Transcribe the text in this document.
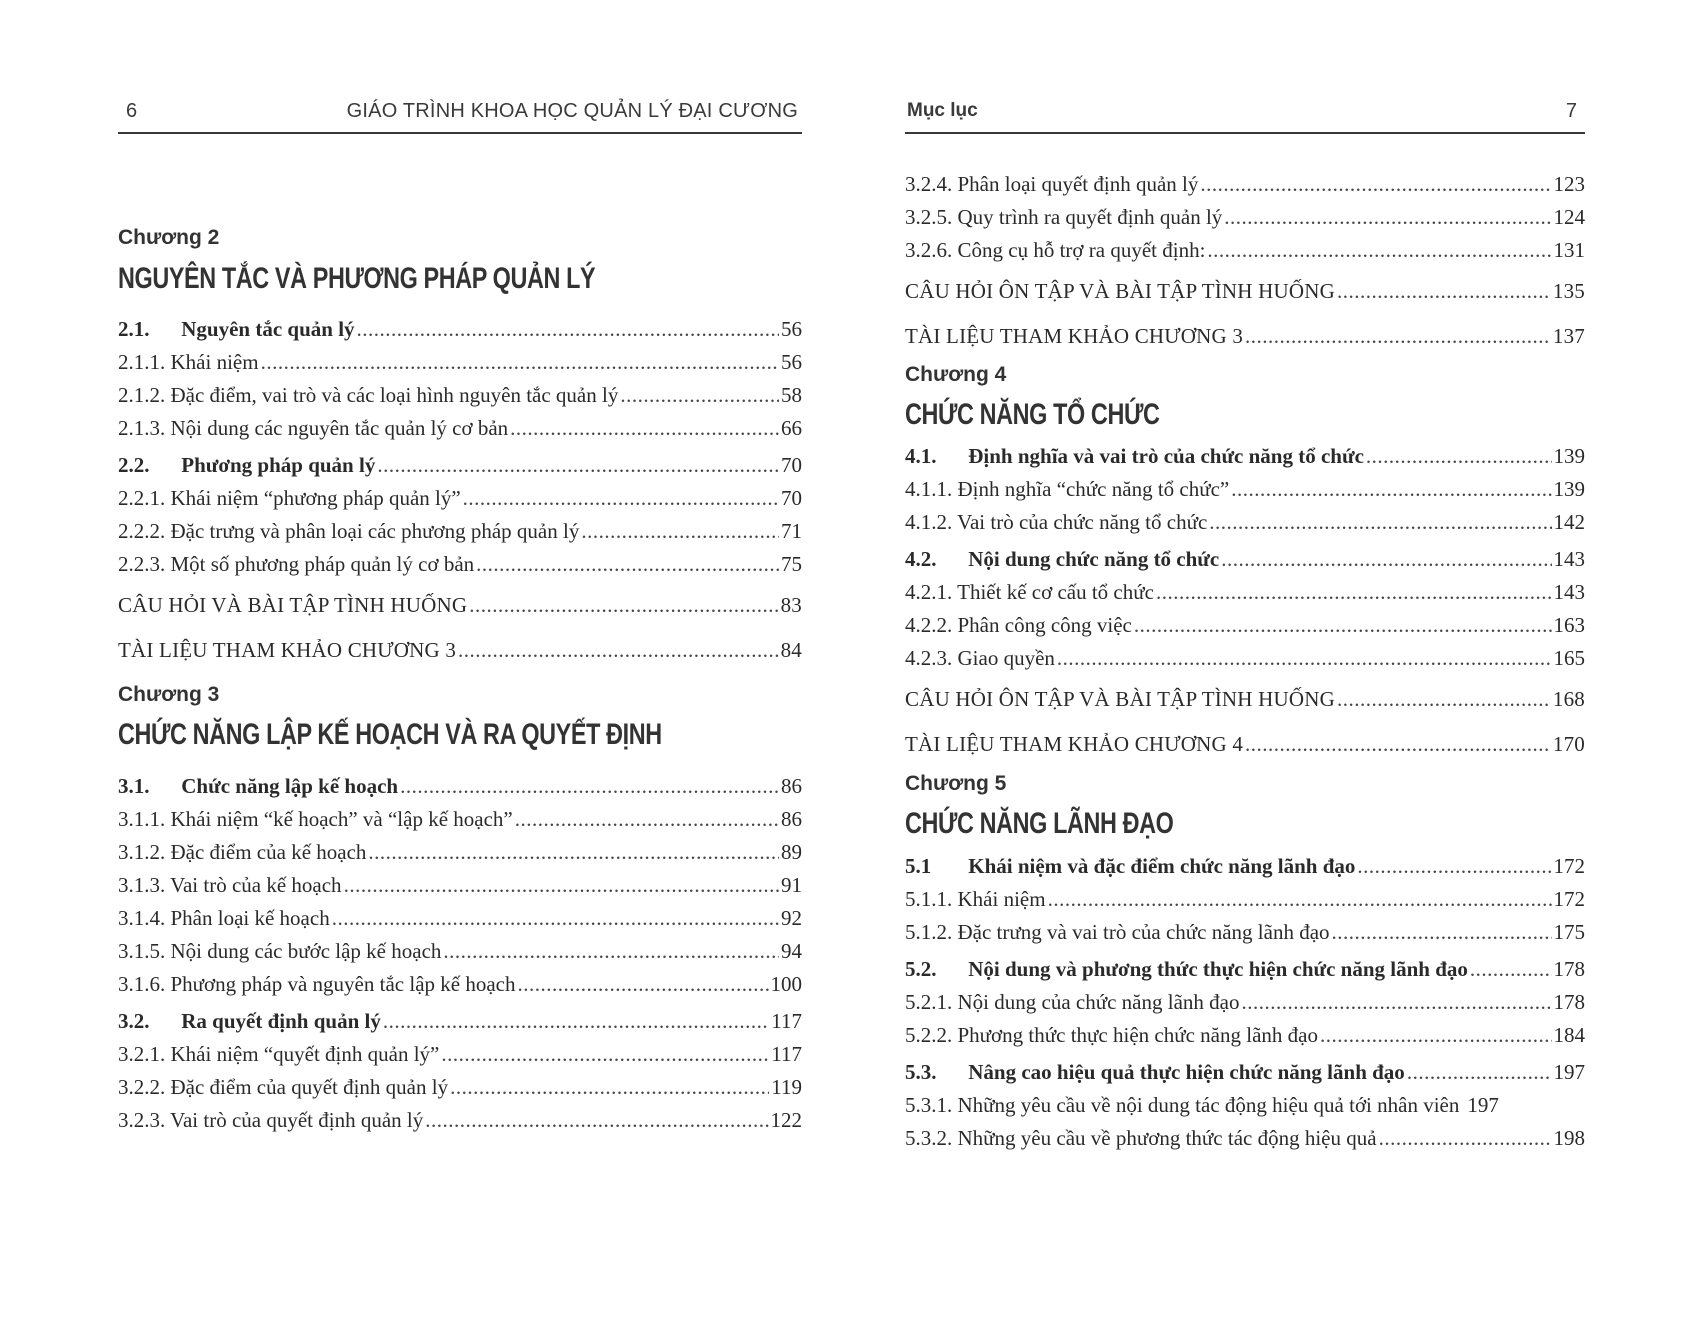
6	GIÁO TRÌNH KHOA HỌC QUẢN LÝ ĐẠI CƯƠNG
Chương 2
NGUYÊN TẮC VÀ PHƯƠNG PHÁP QUẢN LÝ
2.1. Nguyên tắc quản lý .....	56
2.1.1. Khái niệm .....	56
2.1.2. Đặc điểm, vai trò và các loại hình nguyên tắc quản lý .....	58
2.1.3. Nội dung các nguyên tắc quản lý cơ bản .....	66
2.2. Phương pháp quản lý .....	70
2.2.1. Khái niệm “phương pháp quản lý” .....	70
2.2.2. Đặc trưng và phân loại các phương pháp quản lý .....	71
2.2.3. Một số phương pháp quản lý cơ bản .....	75
CÂU HỎI VÀ BÀI TẬP TÌNH HUỐNG .....	83
TÀI LIỆU THAM KHẢO CHƯƠNG 3 .....	84
Chương 3
CHỨC NĂNG LẬP KẾ HOẠCH VÀ RA QUYẾT ĐỊNH
3.1. Chức năng lập kế hoạch .....	86
3.1.1. Khái niệm “kế hoạch” và “lập kế hoạch” .....	86
3.1.2. Đặc điểm của kế hoạch .....	89
3.1.3. Vai trò của kế hoạch .....	91
3.1.4. Phân loại kế hoạch .....	92
3.1.5. Nội dung các bước lập kế hoạch .....	94
3.1.6. Phương pháp và nguyên tắc lập kế hoạch .....	100
3.2. Ra quyết định quản lý .....	117
3.2.1. Khái niệm “quyết định quản lý” .....	117
3.2.2. Đặc điểm của quyết định quản lý .....	119
3.2.3. Vai trò của quyết định quản lý .....	122
Mục lục	7
3.2.4. Phân loại quyết định quản lý .....	123
3.2.5. Quy trình ra quyết định quản lý .....	124
3.2.6. Công cụ hỗ trợ ra quyết định: .....	131
CÂU HỎI ÔN TẬP VÀ BÀI TẬP TÌNH HUỐNG .....	135
TÀI LIỆU THAM KHẢO CHƯƠNG 3 .....	137
Chương 4
CHỨC NĂNG TỔ CHỨC
4.1. Định nghĩa và vai trò của chức năng tổ chức .....	139
4.1.1. Định nghĩa “chức năng tổ chức” .....	139
4.1.2. Vai trò của chức năng tổ chức .....	142
4.2. Nội dung chức năng tổ chức .....	143
4.2.1. Thiết kế cơ cấu tổ chức .....	143
4.2.2. Phân công công việc .....	163
4.2.3. Giao quyền .....	165
CÂU HỎI ÔN TẬP VÀ BÀI TẬP TÌNH HUỐNG .....	168
TÀI LIỆU THAM KHẢO CHƯƠNG 4 .....	170
Chương 5
CHỨC NĂNG LÃNH ĐẠO
5.1 Khái niệm và đặc điểm chức năng lãnh đạo .....	172
5.1.1. Khái niệm .....	172
5.1.2. Đặc trưng và vai trò của chức năng lãnh đạo .....	175
5.2. Nội dung và phương thức thực hiện chức năng lãnh đạo .....	178
5.2.1. Nội dung của chức năng lãnh đạo .....	178
5.2.2. Phương thức thực hiện chức năng lãnh đạo .....	184
5.3. Nâng cao hiệu quả thực hiện chức năng lãnh đạo .....	197
5.3.1. Những yêu cầu về nội dung tác động hiệu quả tới nhân viên 197
5.3.2. Những yêu cầu về phương thức tác động hiệu quả .....	198
